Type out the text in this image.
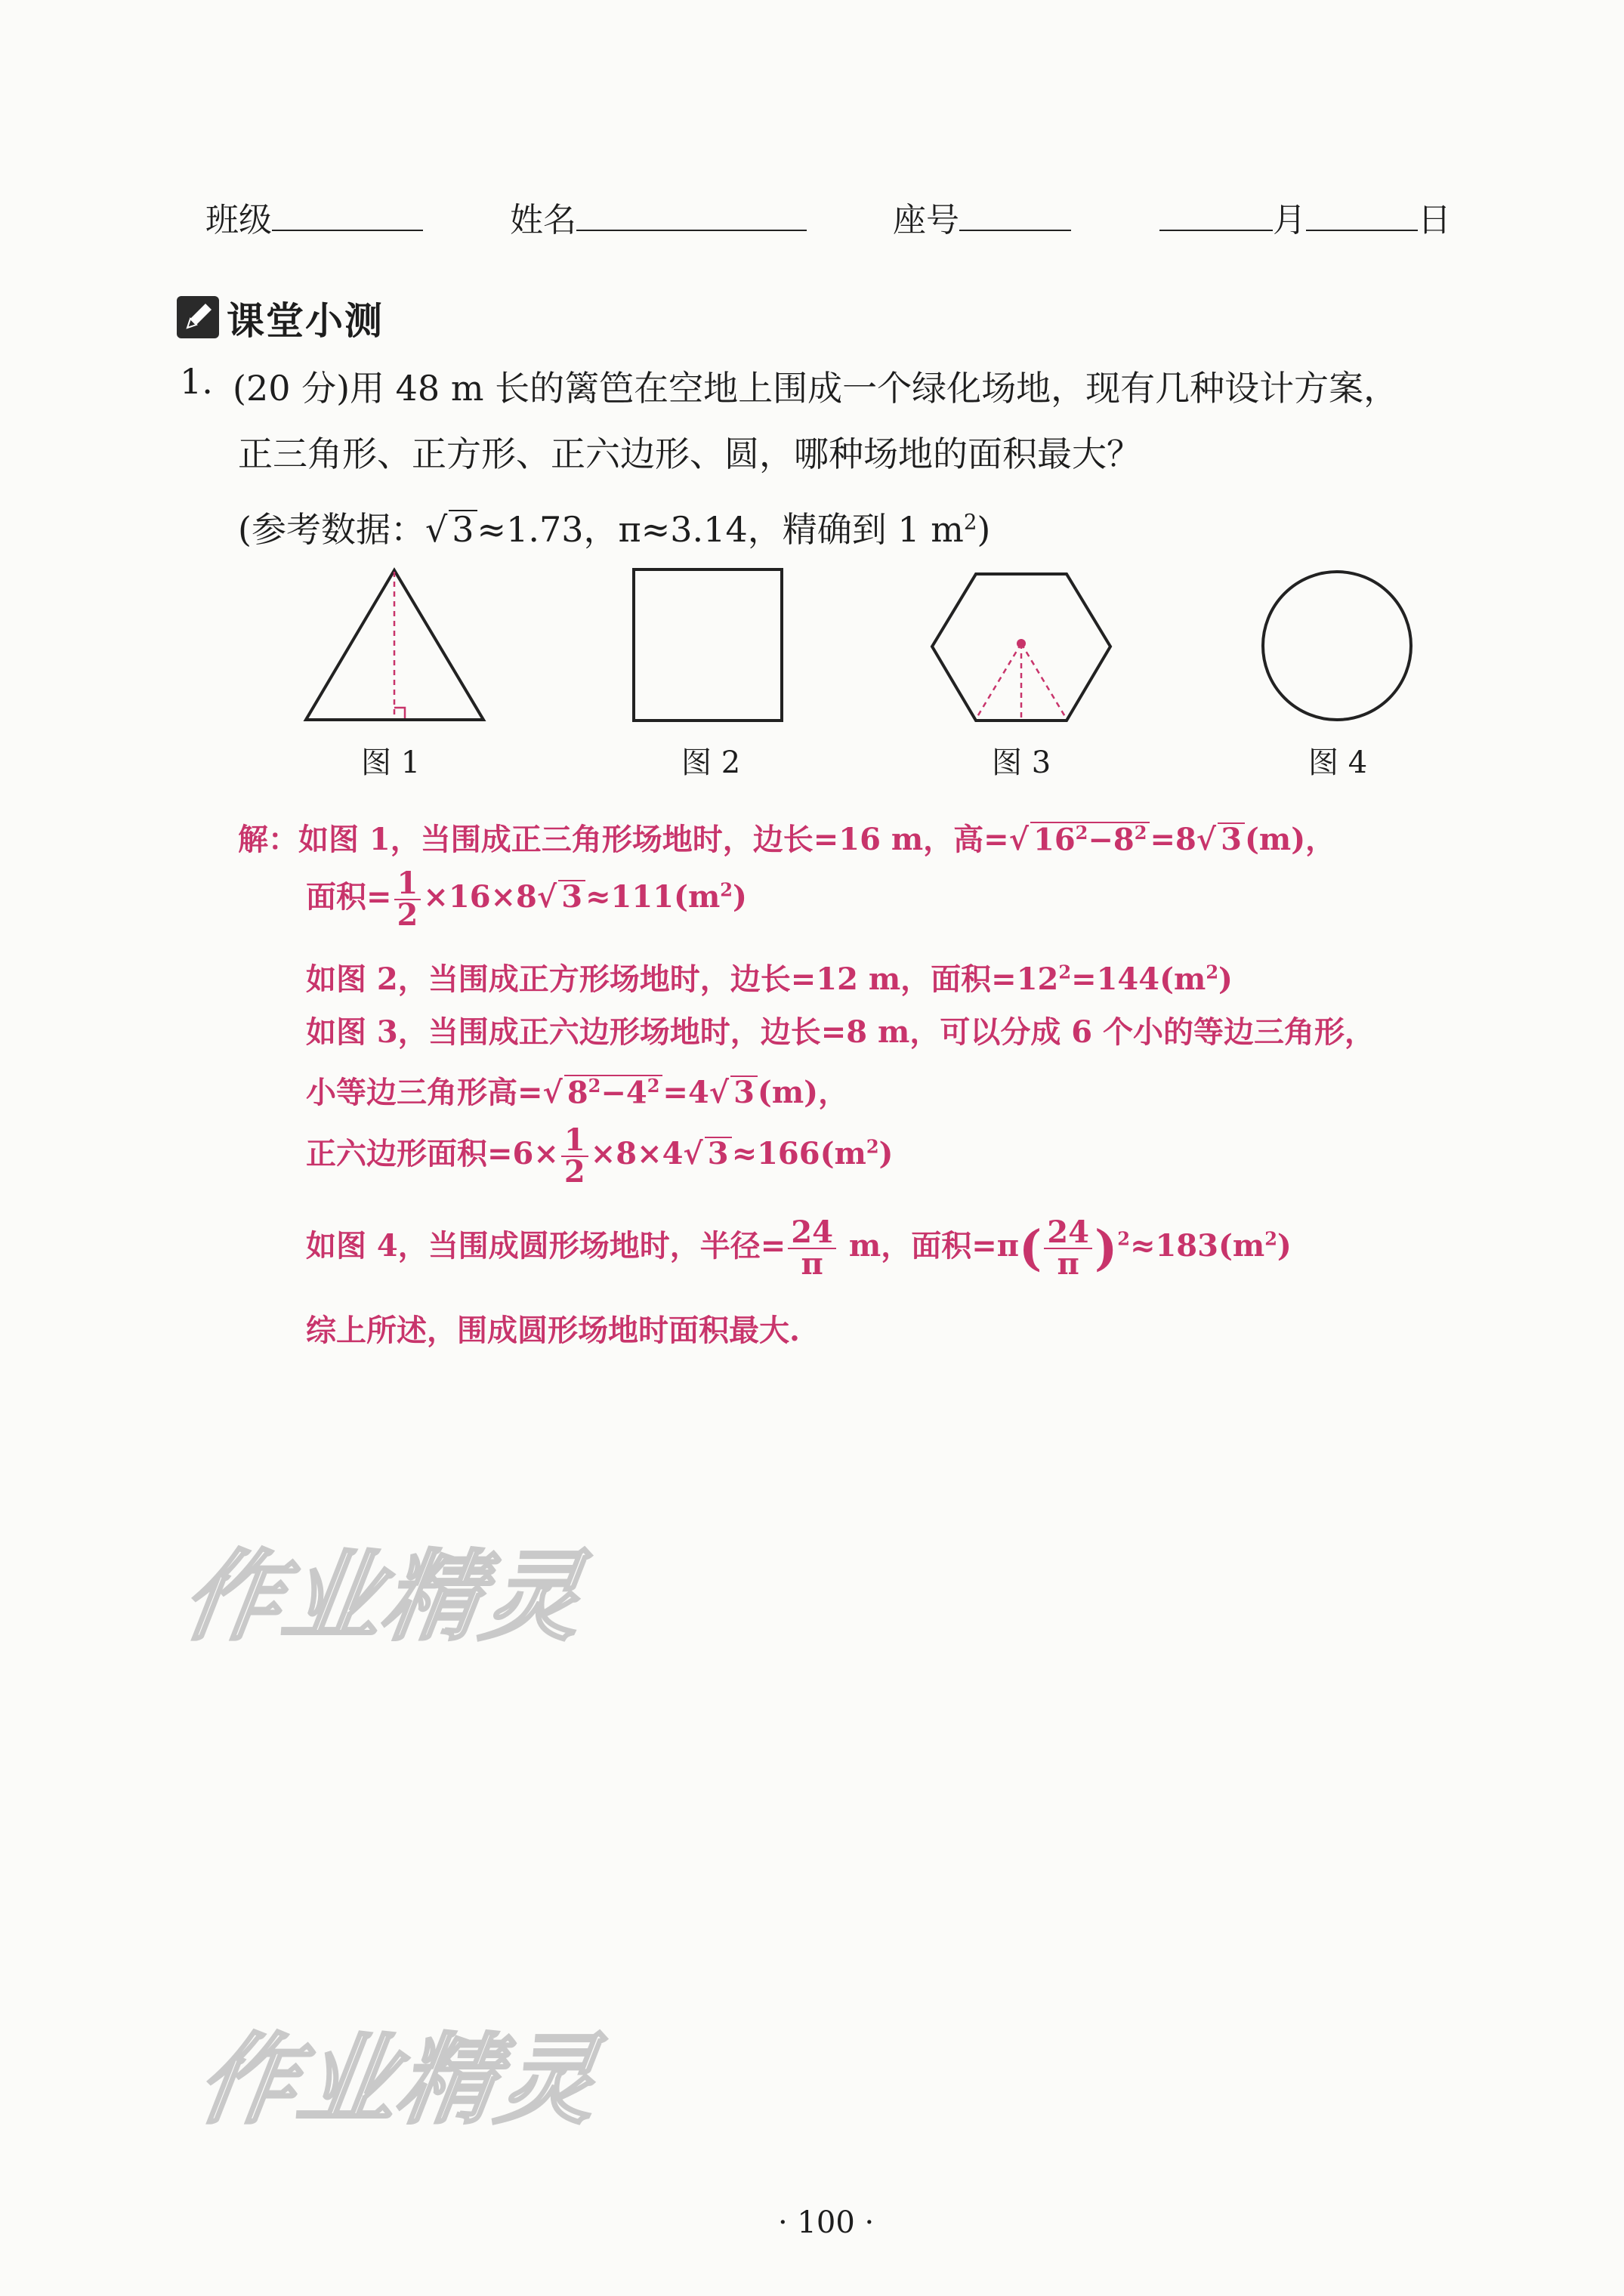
班级	姓名	座号	月	日
课堂小测
1. (20 分)用 48 m 长的篱笆在空地上围成一个绿化场地，现有几种设计方案，
正三角形、正方形、正六边形、圆，哪种场地的面积最大？
(参考数据：√ 3≈1.73，π≈3.14，精确到 1 $m^2$)
图 1	图 2	图 3	图 4
解：如图 1，当围成正三角形场地时，边长=16 m，高=√ $16^2-8^2 =8√$ 3 (m)，
面积= $\frac{1}{2} \times 16\times 8√$ $3 \approx 111(m^2)$
如图 2，当围成正方形场地时，边长=12 m，面积$=12^2=144(m^2)$
如图 3，当围成正六边形场地时，边长=8 m，可以分成 6 个小的等边三角形，
小等边三角形高=√ $8^2-4^2 =4√$ 3 (m)，
正六边形面积$=6\times \frac{1}{2} \times 8\times 4√$ $3 \approx 166(m^2)$
如图 4，当围成圆形场地时，半径= $\frac{24}{\pi}$ m，面积$=\pi( \frac{24}{\pi} )^2\approx 183(m^2)$
综上所述，围成圆形场地时面积最大.
作业精灵
作业精灵
· 100 ·
